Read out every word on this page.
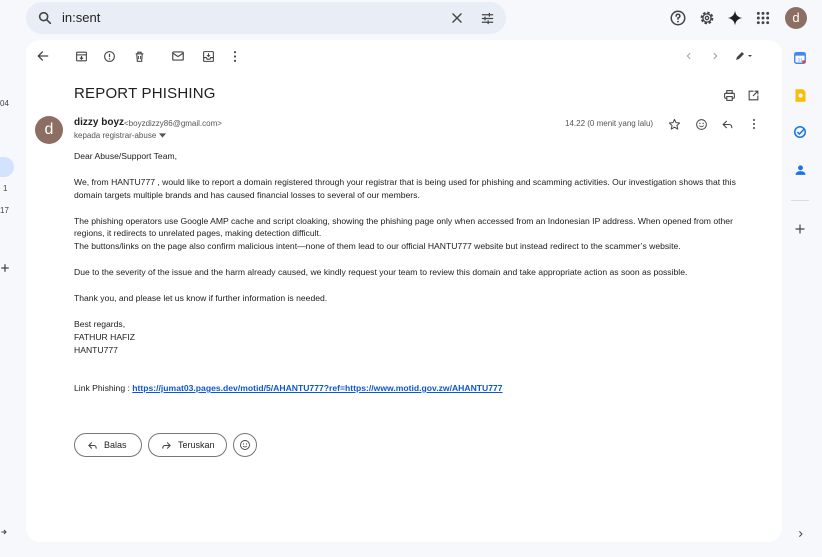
in:sent	d
04
1
17
REPORT PHISHING
d	dizzy boyz <boyzdizzy86@gmail.com>
kepada registrar-abuse
14.22 (0 menit yang lalu)

Dear Abuse/Support Team,

We, from HANTU777 , would like to report a domain registered through your registrar that is being used for phishing and scamming activities. Our investigation shows that this domain targets multiple brands and has caused financial losses to several of our members.

The phishing operators use Google AMP cache and script cloaking, showing the phishing page only when accessed from an Indonesian IP address. When opened from other regions, it redirects to unrelated pages, making detection difficult.

The buttons/links on the page also confirm malicious intent—none of them lead to our official HANTU777 website but instead redirect to the scammer’s website.

Due to the severity of the issue and the harm already caused, we kindly request your team to review this domain and take appropriate action as soon as possible.

Thank you, and please let us know if further information is needed.

Best regards,
FATHUR HAFIZ
HANTU777

Link Phishing : https://jumat03.pages.dev/motid/5/AHANTU777?ref=https://www.motid.gov.zw/AHANTU777
Balas	Teruskan
31
